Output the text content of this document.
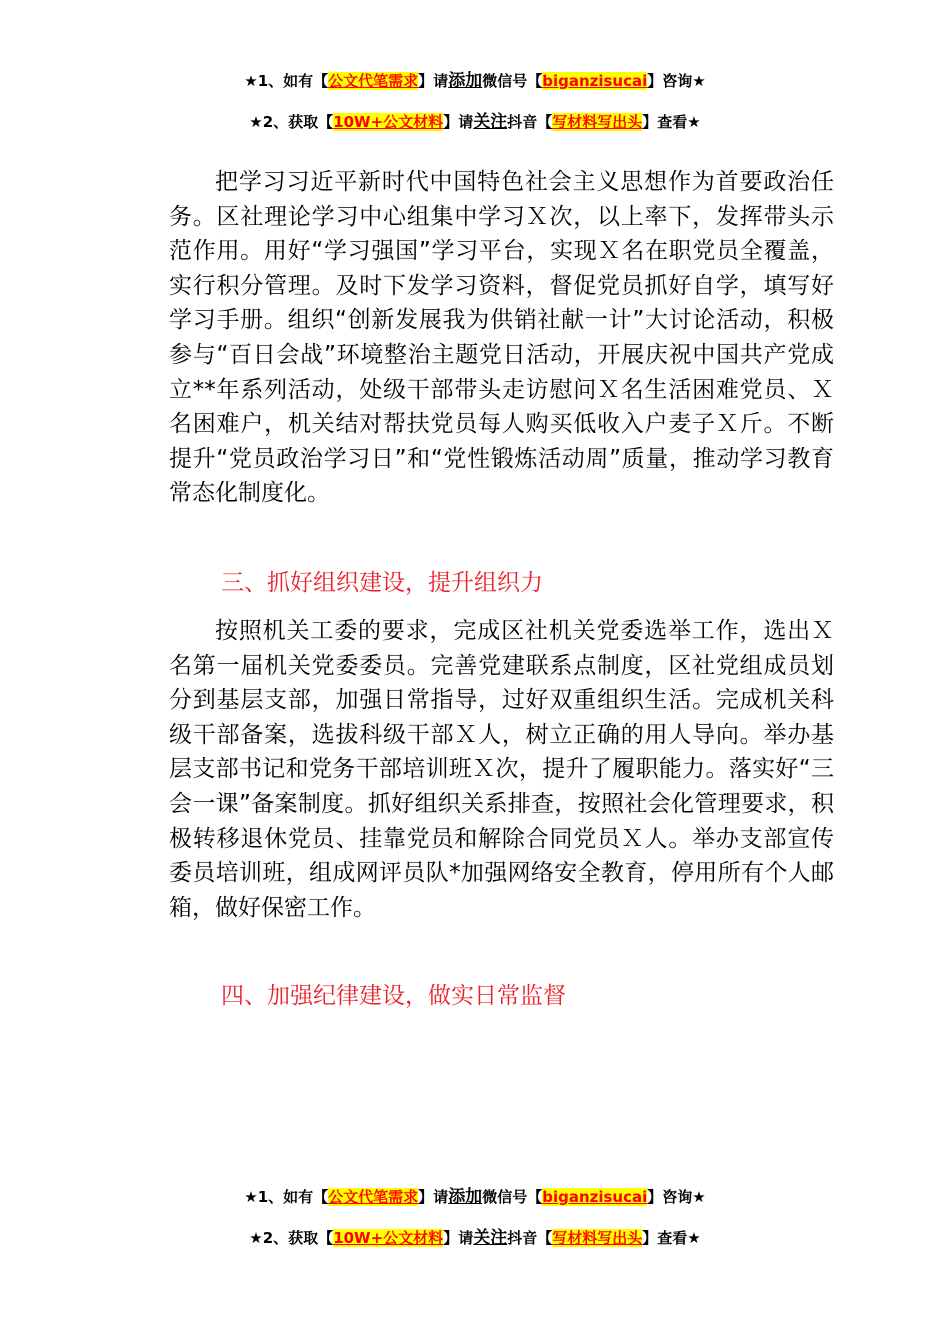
★1、如有【公文代笔需求】请添加微信号【biganzisucai】咨询★
★2、获取【10W+公文材料】请关注抖音【写材料写出头】查看★

把学习习近平新时代中国特色社会主义思想作为首要政治任务。区社理论学习中心组集中学习Ｘ次，以上率下，发挥带头示范作用。用好“学习强国”学习平台，实现Ｘ名在职党员全覆盖，实行积分管理。及时下发学习资料，督促党员抓好自学，填写好学习手册。组织“创新发展我为供销社献一计”大讨论活动，积极参与“百日会战”环境整治主题党日活动，开展庆祝中国共产党成立**年系列活动，处级干部带头走访慰问Ｘ名生活困难党员、Ｘ名困难户，机关结对帮扶党员每人购买低收入户麦子Ｘ斤。不断提升“党员政治学习日”和“党性锻炼活动周”质量，推动学习教育常态化制度化。

三、抓好组织建设，提升组织力

按照机关工委的要求，完成区社机关党委选举工作，选出Ｘ名第一届机关党委委员。完善党建联系点制度，区社党组成员划分到基层支部，加强日常指导，过好双重组织生活。完成机关科级干部备案，选拔科级干部Ｘ人，树立正确的用人导向。举办基层支部书记和党务干部培训班Ｘ次，提升了履职能力。落实好“三会一课”备案制度。抓好组织关系排查，按照社会化管理要求，积极转移退休党员、挂靠党员和解除合同党员Ｘ人。举办支部宣传委员培训班，组成网评员队*加强网络安全教育，停用所有个人邮箱，做好保密工作。

四、加强纪律建设，做实日常监督

★1、如有【公文代笔需求】请添加微信号【biganzisucai】咨询★
★2、获取【10W+公文材料】请关注抖音【写材料写出头】查看★
